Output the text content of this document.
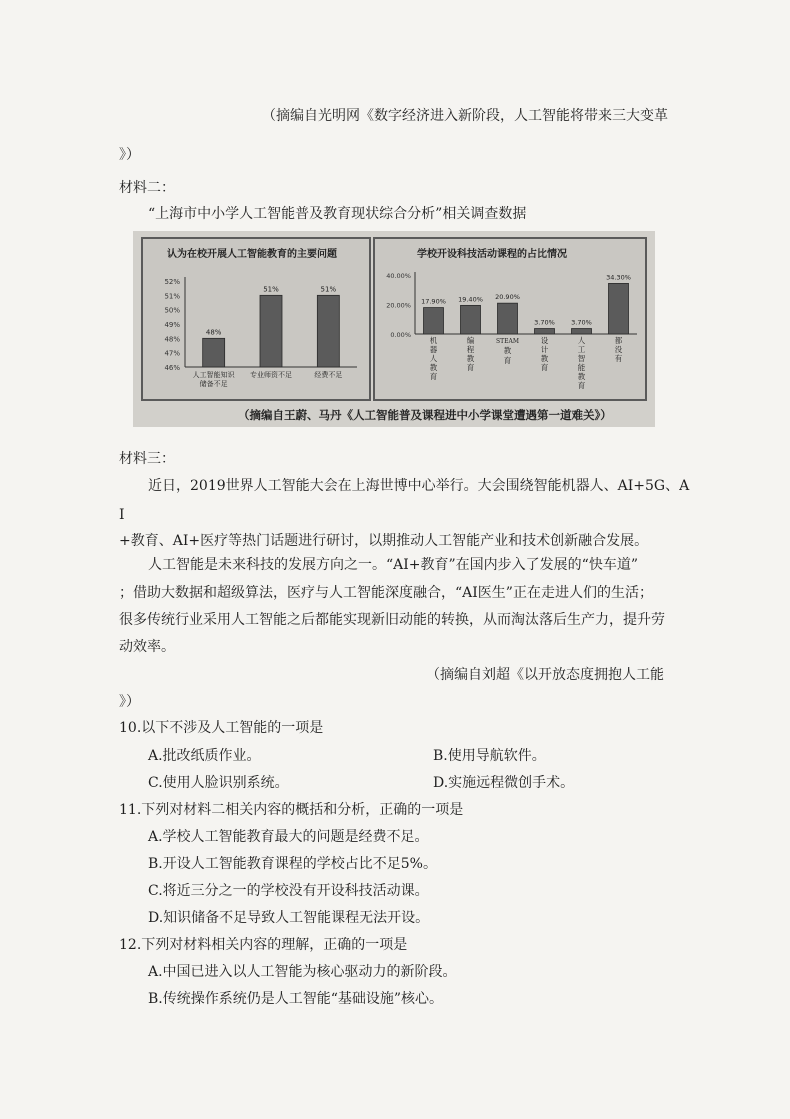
（摘编自光明网《数字经济进入新阶段，人工智能将带来三大变革
》）
材料二：
“上海市中小学人工智能普及教育现状综合分析”相关调查数据
认为在校开展人工智能教育的主要问题
46%
47%
48%
49%
50%
51%
52%
48%
人工智能知识
储备不足
51%
专业师资不足
51%
经费不足
学校开设科技活动课程的占比情况
0.00%
20.00%
40.00%
17.90%
机器人教育
19.40%
编程教育
20.90%
STEAM 教育
3.70%
设计教育
3.70%
人工智能教育
34.30%
都没有
（摘编自王蔚、马丹《人工智能普及课程进中小学课堂遭遇第一道难关》）
材料三：
近日，2019世界人工智能大会在上海世博中心举行。大会围绕智能机器人、AI+5G、A
I
+教育、AI+医疗等热门话题进行研讨，以期推动人工智能产业和技术创新融合发展。
人工智能是未来科技的发展方向之一。“AI+教育”在国内步入了发展的“快车道”
；借助大数据和超级算法，医疗与人工智能深度融合，“AI医生”正在走进人们的生活；
很多传统行业采用人工智能之后都能实现新旧动能的转换，从而淘汰落后生产力，提升劳
动效率。
（摘编自刘超《以开放态度拥抱人工能
》）
10.以下不涉及人工智能的一项是
A.批改纸质作业。	B.使用导航软件。
C.使用人脸识别系统。	D.实施远程微创手术。
11.下列对材料二相关内容的概括和分析，正确的一项是
A.学校人工智能教育最大的问题是经费不足。
B.开设人工智能教育课程的学校占比不足5%。
C.将近三分之一的学校没有开设科技活动课。
D.知识储备不足导致人工智能课程无法开设。
12.下列对材料相关内容的理解，正确的一项是
A.中国已进入以人工智能为核心驱动力的新阶段。
B.传统操作系统仍是人工智能“基础设施”核心。
